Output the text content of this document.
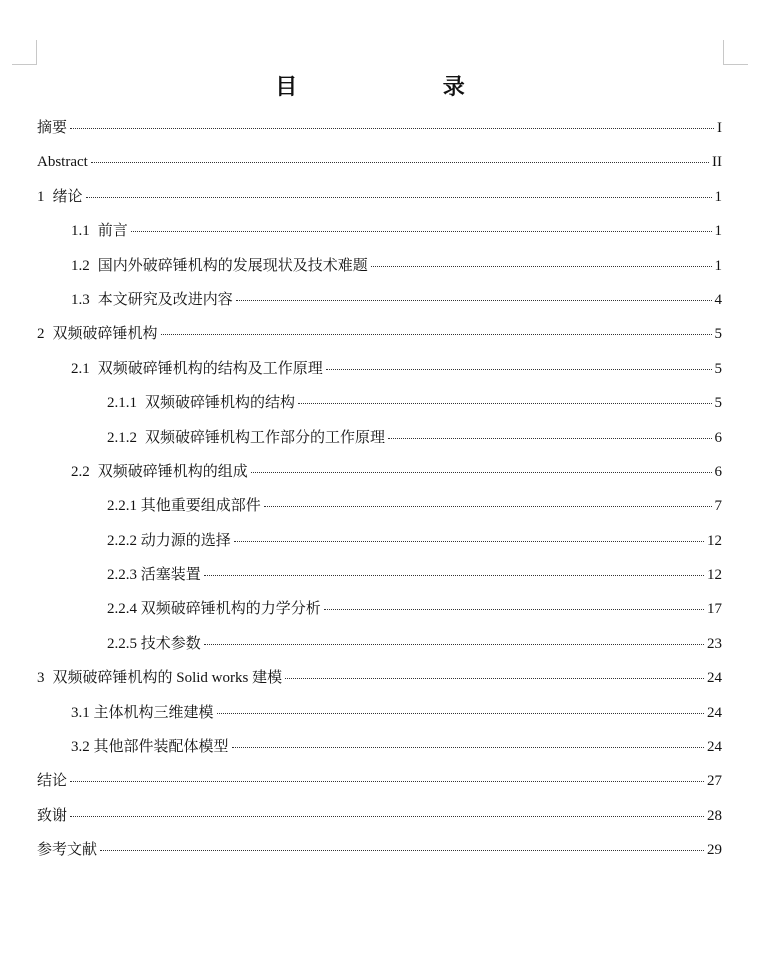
目 录
摘要	I
Abstract	II
1 绪论	1
1.1 前言	1
1.2 国内外破碎锤机构的发展现状及技术难题	1
1.3 本文研究及改进内容	4
2 双频破碎锤机构	5
2.1 双频破碎锤机构的结构及工作原理	5
2.1.1 双频破碎锤机构的结构	5
2.1.2 双频破碎锤机构工作部分的工作原理	6
2.2 双频破碎锤机构的组成	6
2.2.1 其他重要组成部件	7
2.2.2 动力源的选择	12
2.2.3 活塞装置	12
2.2.4 双频破碎锤机构的力学分析	17
2.2.5 技术参数	23
3 双频破碎锤机构的 Solid works 建模	24
3.1 主体机构三维建模	24
3.2 其他部件装配体模型	24
结论	27
致谢	28
参考文献	29
